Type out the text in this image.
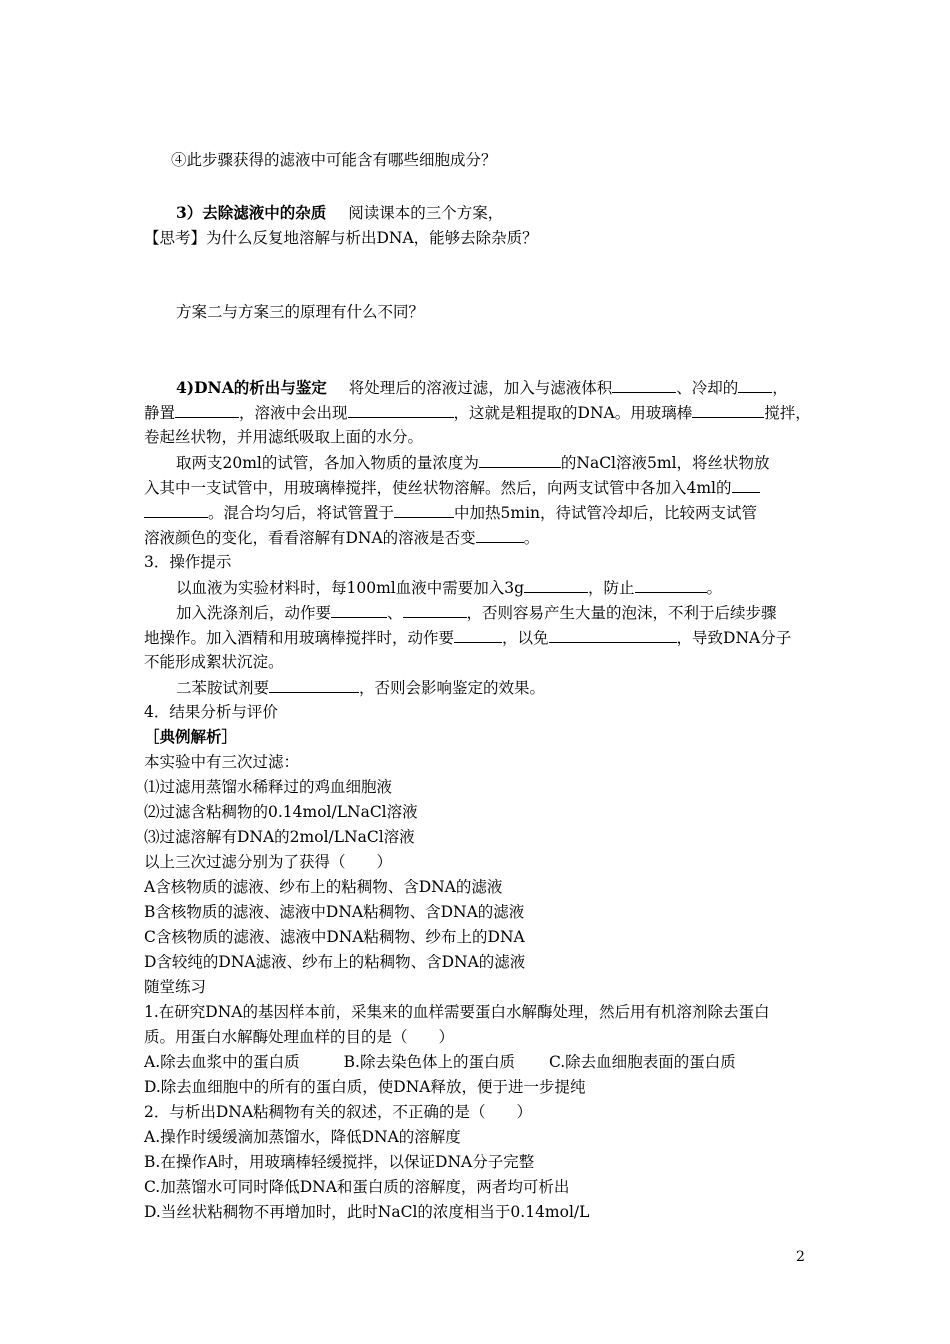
④此步骤获得的滤液中可能含有哪些细胞成分？
3）去除滤液中的杂质 阅读课本的三个方案，
【思考】为什么反复地溶解与析出DNA，能够去除杂质？
方案二与方案三的原理有什么不同？
4)DNA的析出与鉴定 将处理后的溶液过滤，加入与滤液体积	、冷却的 ，
静置	，溶液中会出现	，这就是粗提取的DNA。用玻璃棒	搅拌，
卷起丝状物，并用滤纸吸取上面的水分。
取两支20ml的试管，各加入物质的量浓度为	的NaCl溶液5ml，将丝状物放
入其中一支试管中，用玻璃棒搅拌，使丝状物溶解。然后，向两支试管中各加入4ml的
。混合均匀后，将试管置于	中加热5min，待试管冷却后，比较两支试管
溶液颜色的变化，看看溶解有DNA的溶液是否变	。
3．操作提示
以血液为实验材料时，每100ml血液中需要加入3g	，防止	。
加入洗涤剂后，动作要	、	，否则容易产生大量的泡沫，不利于后续步骤
地操作。加入酒精和用玻璃棒搅拌时，动作要	，以免	，导致DNA分子
不能形成絮状沉淀。
二苯胺试剂要	，否则会影响鉴定的效果。
4．结果分析与评价
［典例解析］
本实验中有三次过滤：
⑴过滤用蒸馏水稀释过的鸡血细胞液
⑵过滤含粘稠物的0.14mol/LNaCl溶液
⑶过滤溶解有DNA的2mol/LNaCl溶液
以上三次过滤分别为了获得（　　）
A含核物质的滤液、纱布上的粘稠物、含DNA的滤液
B含核物质的滤液、滤液中DNA粘稠物、含DNA的滤液
C含核物质的滤液、滤液中DNA粘稠物、纱布上的DNA
D含较纯的DNA滤液、纱布上的粘稠物、含DNA的滤液
随堂练习
1.在研究DNA的基因样本前，采集来的血样需要蛋白水解酶处理，然后用有机溶剂除去蛋白
质。用蛋白水解酶处理血样的目的是（　　）
A.除去血浆中的蛋白质	B.除去染色体上的蛋白质 C.除去血细胞表面的蛋白质
D.除去血细胞中的所有的蛋白质，使DNA释放，便于进一步提纯
2．与析出DNA粘稠物有关的叙述，不正确的是（　　）
A.操作时缓缓滴加蒸馏水，降低DNA的溶解度
B.在操作A时，用玻璃棒轻缓搅拌，以保证DNA分子完整
C.加蒸馏水可同时降低DNA和蛋白质的溶解度，两者均可析出
D.当丝状粘稠物不再增加时，此时NaCl的浓度相当于0.14mol/L
2
